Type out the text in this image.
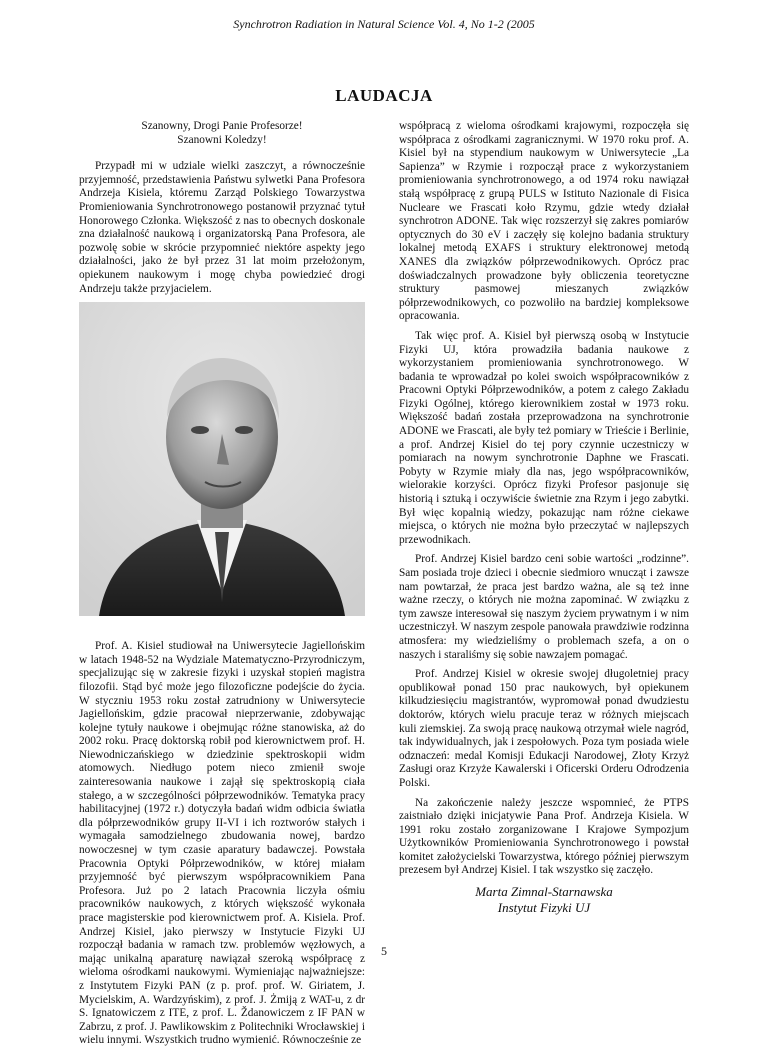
Synchrotron Radiation in Natural Science Vol. 4, No 1-2 (2005
LAUDACJA

Szanowny, Drogi Panie Profesorze!

Szanowni Koledzy!

Przypadł mi w udziale wielki zaszczyt, a równocześnie przyjemność, przedstawienia Państwu sylwetki Pana Profesora Andrzeja Kisiela, któremu Zarząd Polskiego Towarzystwa Promieniowania Synchrotronowego postanowił przyznać tytuł Honorowego Członka. Większość z nas to obecnych doskonale zna działalność naukową i organizatorską Pana Profesora, ale pozwolę sobie w skrócie przypomnieć niektóre aspekty jego działalności, jako że był przez 31 lat moim przełożonym, opiekunem naukowym i mogę chyba powiedzieć drogi Andrzeju także przyjacielem.

Prof. A. Kisiel studiował na Uniwersytecie Jagiellońskim w latach 1948-52 na Wydziale Matematyczno-Przyrodniczym, specjalizując się w zakresie fizyki i uzyskał stopień magistra filozofii. Stąd być może jego filozoficzne podejście do życia. W styczniu 1953 roku został zatrudniony w Uniwersytecie Jagiellońskim, gdzie pracował nieprzerwanie, zdobywając kolejne tytuły naukowe i obejmując różne stanowiska, aż do 2002 roku. Pracę doktorską robił pod kierownictwem prof. H. Niewodniczańskiego w dziedzinie spektroskopii widm atomowych. Niedługo potem nieco zmienił swoje zainteresowania naukowe i zajął się spektroskopią ciała stałego, a w szczególności półprzewodników. Tematyka pracy habilitacyjnej (1972 r.) dotyczyła badań widm odbicia światła dla półprzewodników grupy II-VI i ich roztworów stałych i wymagała samodzielnego zbudowania nowej, bardzo nowoczesnej w tym czasie aparatury badawczej. Powstała Pracownia Optyki Półprzewodników, w której miałam przyjemność być pierwszym współpracownikiem Pana Profesora. Już po 2 latach Pracownia liczyła ośmiu pracowników naukowych, z których większość wykonała prace magisterskie pod kierownictwem prof. A. Kisiela. Prof. Andrzej Kisiel, jako pierwszy w Instytucie Fizyki UJ rozpoczął badania w ramach tzw. problemów węzłowych, a mając unikalną aparaturę nawiązał szeroką współpracę z wieloma ośrodkami naukowymi. Wymieniając najważniejsze: z Instytutem Fizyki PAN (z p. prof. prof. W. Giriatem, J. Mycielskim, A. Wardzyńskim), z prof. J. Żmiją z WAT-u, z dr S. Ignatowiczem z ITE, z prof. L. Ždanowiczem z IF PAN w Zabrzu, z prof. J. Pawlikowskim z Politechniki Wrocławskiej i wielu innymi. Wszystkich trudno wymienić. Równocześnie ze

współpracą z wieloma ośrodkami krajowymi, rozpoczęła się współpraca z ośrodkami zagranicznymi. W 1970 roku prof. A. Kisiel był na stypendium naukowym w Uniwersytecie „La Sapienza” w Rzymie i rozpoczął prace z wykorzystaniem promieniowania synchrotronowego, a od 1974 roku nawiązał stałą współpracę z grupą PULS w Istituto Nazionale di Fisica Nucleare we Frascati koło Rzymu, gdzie wtedy działał synchrotron ADONE. Tak więc rozszerzył się zakres pomiarów optycznych do 30 eV i zaczęły się kolejno badania struktury lokalnej metodą EXAFS i struktury elektronowej metodą XANES dla związków półprzewodnikowych. Oprócz prac doświadczalnych prowadzone były obliczenia teoretyczne struktury pasmowej mieszanych związków półprzewodnikowych, co pozwoliło na bardziej kompleksowe opracowania.

Tak więc prof. A. Kisiel był pierwszą osobą w Instytucie Fizyki UJ, która prowadziła badania naukowe z wykorzystaniem promieniowania synchrotronowego. W badania te wprowadzał po kolei swoich współpracowników z Pracowni Optyki Półprzewodników, a potem z całego Zakładu Fizyki Ogólnej, którego kierownikiem został w 1973 roku. Większość badań została przeprowadzona na synchrotronie ADONE we Frascati, ale były też pomiary w Trieście i Berlinie, a prof. Andrzej Kisiel do tej pory czynnie uczestniczy w pomiarach na nowym synchrotronie Daphne we Frascati. Pobyty w Rzymie miały dla nas, jego współpracowników, wielorakie korzyści. Oprócz fizyki Profesor pasjonuje się historią i sztuką i oczywiście świetnie zna Rzym i jego zabytki. Był więc kopalnią wiedzy, pokazując nam różne ciekawe miejsca, o których nie można było przeczytać w najlepszych przewodnikach.

Prof. Andrzej Kisiel bardzo ceni sobie wartości „rodzinne”. Sam posiada troje dzieci i obecnie siedmioro wnucząt i zawsze nam powtarzał, że praca jest bardzo ważna, ale są też inne ważne rzeczy, o których nie można zapominać. W związku z tym zawsze interesował się naszym życiem prywatnym i w nim uczestniczył. W naszym zespole panowała prawdziwie rodzinna atmosfera: my wiedzieliśmy o problemach szefa, a on o naszych i staraliśmy się sobie nawzajem pomagać.

Prof. Andrzej Kisiel w okresie swojej długoletniej pracy opublikował ponad 150 prac naukowych, był opiekunem kilkudziesięciu magistrantów, wypromował ponad dwudziestu doktorów, których wielu pracuje teraz w różnych miejscach kuli ziemskiej. Za swoją pracę naukową otrzymał wiele nagród, tak indywidualnych, jak i zespołowych. Poza tym posiada wiele odznaczeń: medal Komisji Edukacji Narodowej, Złoty Krzyż Zasługi oraz Krzyże Kawalerski i Oficerski Orderu Odrodzenia Polski.

Na zakończenie należy jeszcze wspomnieć, że PTPS zaistniało dzięki inicjatywie Pana Prof. Andrzeja Kisiela. W 1991 roku zostało zorganizowane I Krajowe Sympozjum Użytkowników Promieniowania Synchrotronowego i powstał komitet założycielski Towarzystwa, którego później pierwszym prezesem był Andrzej Kisiel. I tak wszystko się zaczęło.

Marta Zimnal-Starnawska
Instytut Fizyki UJ
5
